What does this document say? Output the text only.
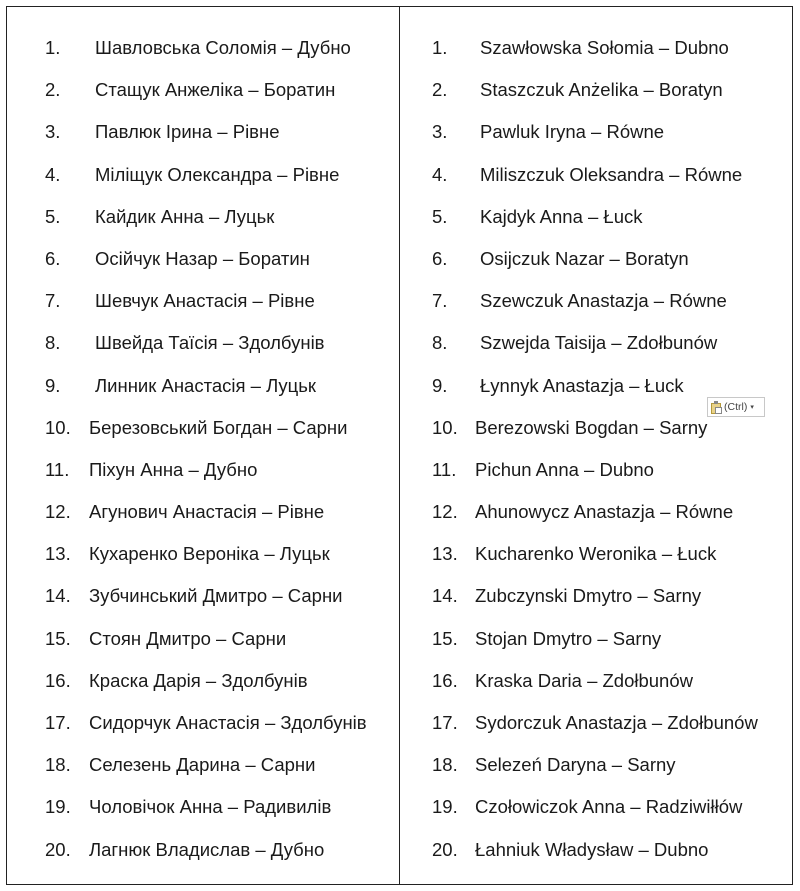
1. Шавловська Соломія – Дубно
2. Стащук Анжеліка – Боратин
3. Павлюк Ірина – Рівне
4. Міліщук Олександра – Рівне
5. Кайдик Анна – Луцьк
6. Осійчук Назар – Боратин
7. Шевчук Анастасія – Рівне
8. Швейда Таїсія – Здолбунів
9. Линник Анастасія – Луцьк
10. Березовський Богдан – Сарни
11. Піхун Анна – Дубно
12. Агунович Анастасія – Рівне
13. Кухаренко Вероніка – Луцьк
14. Зубчинський Дмитро – Сарни
15. Стоян Дмитро – Сарни
16. Краска Дарія – Здолбунів
17. Сидорчук Анастасія – Здолбунів
18. Селезень Дарина – Сарни
19. Чоловічок Анна – Радивилів
20. Лагнюк Владислав – Дубно
1. Szawłowska Sołomia – Dubno
2. Staszczuk Anżelika – Boratyn
3. Pawluk Iryna – Równe
4. Miliszczuk Oleksandra – Równe
5. Kajdyk Anna – Łuck
6. Osijczuk Nazar – Boratyn
7. Szewczuk Anastazja – Równe
8. Szwejda Taisija – Zdołbunów
9. Łynnyk Anastazja – Łuck
10. Berezowski Bogdan – Sarny
11. Pichun Anna – Dubno
12. Ahunowycz Anastazja – Równe
13. Kucharenko Weronika – Łuck
14. Zubczynski Dmytro – Sarny
15. Stojan Dmytro – Sarny
16. Kraska Daria – Zdołbunów
17. Sydorczuk Anastazja – Zdołbunów
18. Selezeń Daryna – Sarny
19. Czołowiczok Anna – Radziwiłłów
20. Łahniuk Władysław – Dubno
(Ctrl) ▾
